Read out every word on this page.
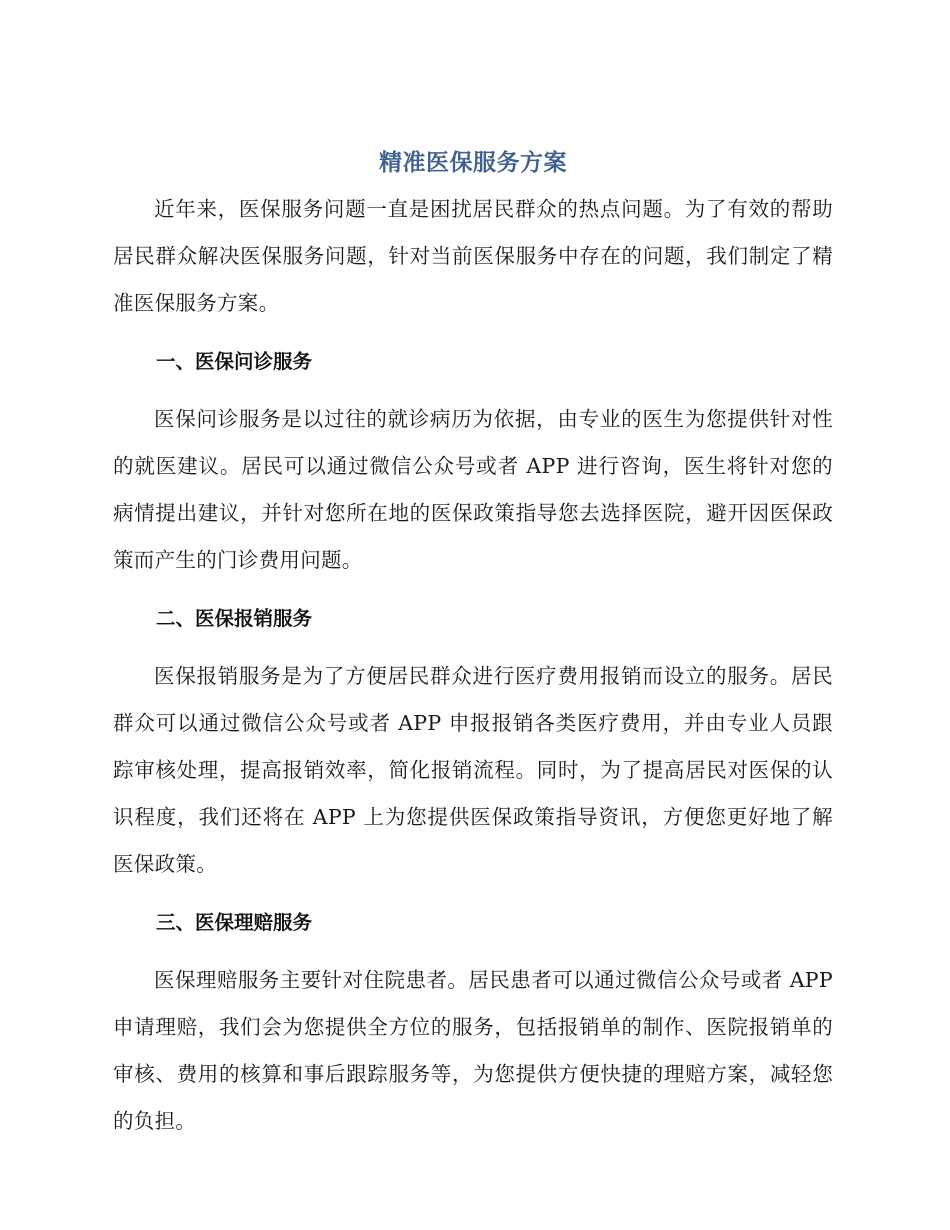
精准医保服务方案

近年来，医保服务问题一直是困扰居民群众的热点问题。为了有效的帮助居民群众解决医保服务问题，针对当前医保服务中存在的问题，我们制定了精准医保服务方案。

一、医保问诊服务

医保问诊服务是以过往的就诊病历为依据，由专业的医生为您提供针对性的就医建议。居民可以通过微信公众号或者 APP 进行咨询，医生将针对您的病情提出建议，并针对您所在地的医保政策指导您去选择医院，避开因医保政策而产生的门诊费用问题。

二、医保报销服务

医保报销服务是为了方便居民群众进行医疗费用报销而设立的服务。居民群众可以通过微信公众号或者 APP 申报报销各类医疗费用，并由专业人员跟踪审核处理，提高报销效率，简化报销流程。同时，为了提高居民对医保的认识程度，我们还将在 APP 上为您提供医保政策指导资讯，方便您更好地了解医保政策。

三、医保理赔服务

医保理赔服务主要针对住院患者。居民患者可以通过微信公众号或者 APP 申请理赔，我们会为您提供全方位的服务，包括报销单的制作、医院报销单的审核、费用的核算和事后跟踪服务等，为您提供方便快捷的理赔方案，减轻您的负担。
